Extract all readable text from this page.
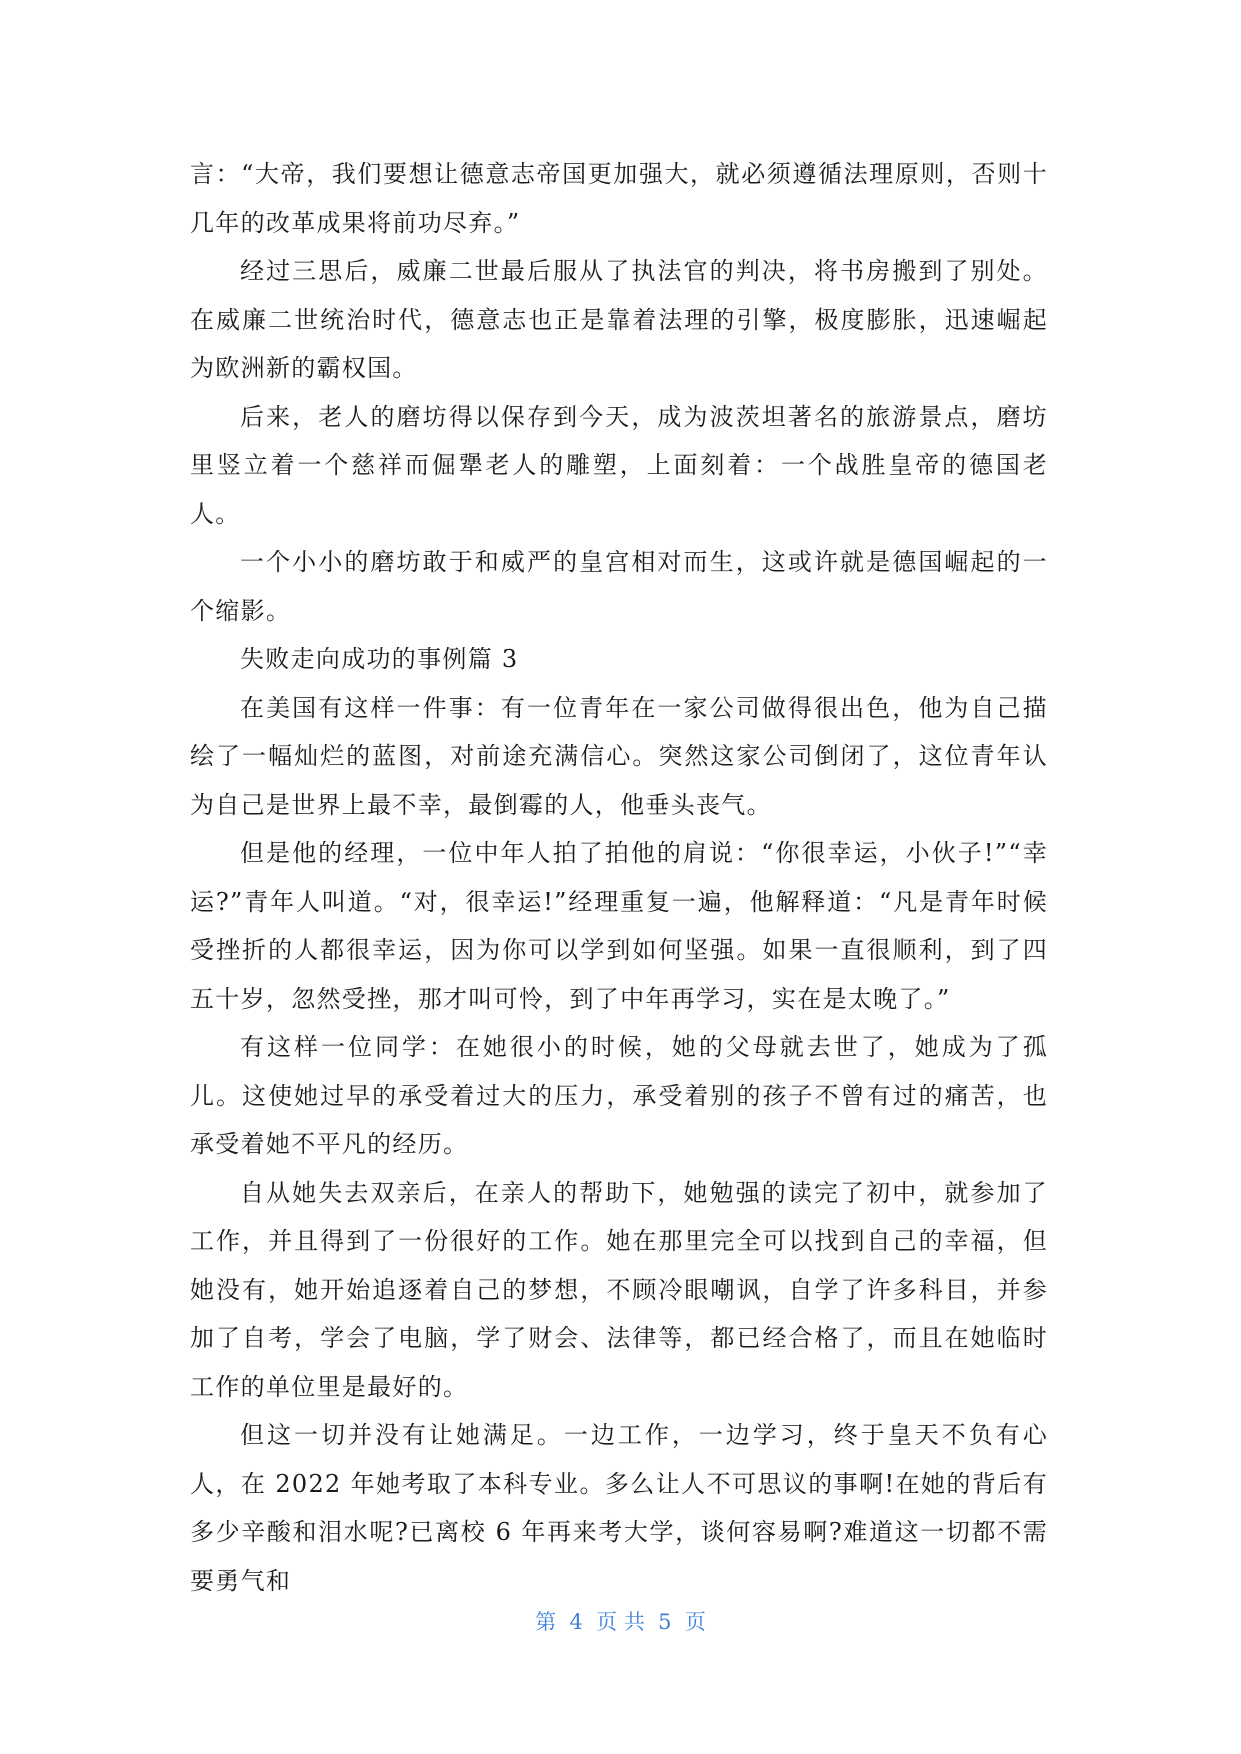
言：“大帝，我们要想让德意志帝国更加强大，就必须遵循法理原则，否则十几年的改革成果将前功尽弃。”

经过三思后，威廉二世最后服从了执法官的判决，将书房搬到了别处。在威廉二世统治时代，德意志也正是靠着法理的引擎，极度膨胀，迅速崛起为欧洲新的霸权国。

后来，老人的磨坊得以保存到今天，成为波茨坦著名的旅游景点，磨坊里竖立着一个慈祥而倔犟老人的雕塑，上面刻着：一个战胜皇帝的德国老人。

一个小小的磨坊敢于和威严的皇宫相对而生，这或许就是德国崛起的一个缩影。

失败走向成功的事例篇 3

在美国有这样一件事：有一位青年在一家公司做得很出色，他为自己描绘了一幅灿烂的蓝图，对前途充满信心。突然这家公司倒闭了，这位青年认为自己是世界上最不幸，最倒霉的人，他垂头丧气。

但是他的经理，一位中年人拍了拍他的肩说：“你很幸运，小伙子!”“幸运?”青年人叫道。“对，很幸运!”经理重复一遍，他解释道：“凡是青年时候受挫折的人都很幸运，因为你可以学到如何坚强。如果一直很顺利，到了四五十岁，忽然受挫，那才叫可怜，到了中年再学习，实在是太晚了。”

有这样一位同学：在她很小的时候，她的父母就去世了，她成为了孤儿。这使她过早的承受着过大的压力，承受着别的孩子不曾有过的痛苦，也承受着她不平凡的经历。

自从她失去双亲后，在亲人的帮助下，她勉强的读完了初中，就参加了工作，并且得到了一份很好的工作。她在那里完全可以找到自己的幸福，但她没有，她开始追逐着自己的梦想，不顾冷眼嘲讽，自学了许多科目，并参加了自考，学会了电脑，学了财会、法律等，都已经合格了，而且在她临时工作的单位里是最好的。

但这一切并没有让她满足。一边工作，一边学习，终于皇天不负有心人，在 2022 年她考取了本科专业。多么让人不可思议的事啊!在她的背后有多少辛酸和泪水呢?已离校 6 年再来考大学，谈何容易啊?难道这一切都不需要勇气和

第  4  页 共  5  页
